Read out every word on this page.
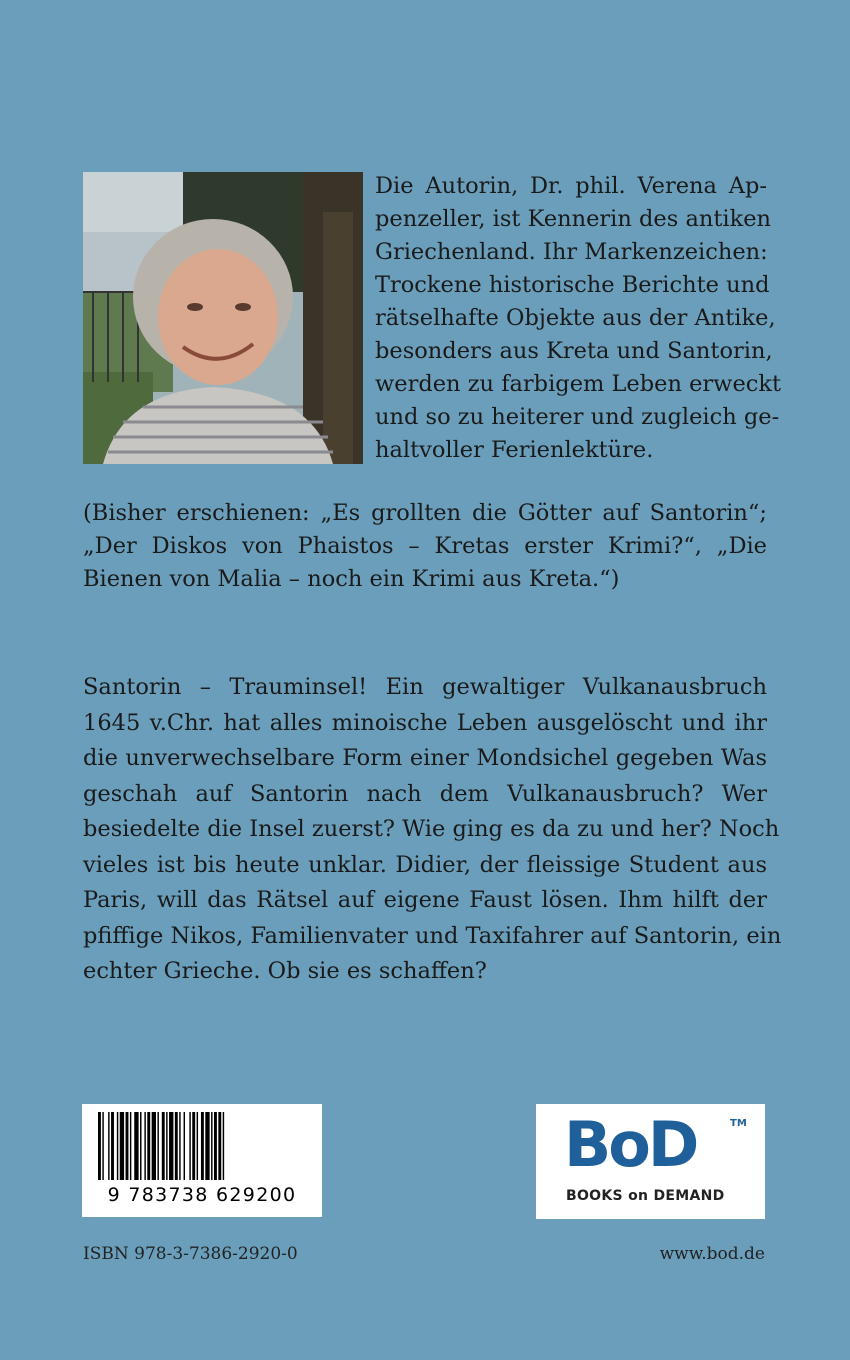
Die Autorin, Dr. phil. Verena Ap-
penzeller, ist Kennerin des antiken
Griechenland. Ihr Markenzeichen:
Trockene historische Berichte und
rätselhafte Objekte aus der Antike,
besonders aus Kreta und Santorin,
werden zu farbigem Leben erweckt
und so zu heiterer und zugleich ge-
haltvoller Ferienlektüre.
(Bisher erschienen: „Es grollten die Götter auf Santorin“;
„Der Diskos von Phaistos – Kretas erster Krimi?“, „Die
Bienen von Malia – noch ein Krimi aus Kreta.“)
Santorin – Trauminsel! Ein gewaltiger Vulkanausbruch
1645 v.Chr. hat alles minoische Leben ausgelöscht und ihr
die unverwechselbare Form einer Mondsichel gegeben Was
geschah auf Santorin nach dem Vulkanausbruch? Wer
besiedelte die Insel zuerst? Wie ging es da zu und her? Noch
vieles ist bis heute unklar. Didier, der fleissige Student aus
Paris, will das Rätsel auf eigene Faust lösen. Ihm hilft der
pfiffige Nikos, Familienvater und Taxifahrer auf Santorin, ein
echter Grieche. Ob sie es schaffen?
9 783738 629200
BoD	TM
BOOKS on DEMAND
ISBN 978-3-7386-2920-0	www.bod.de
